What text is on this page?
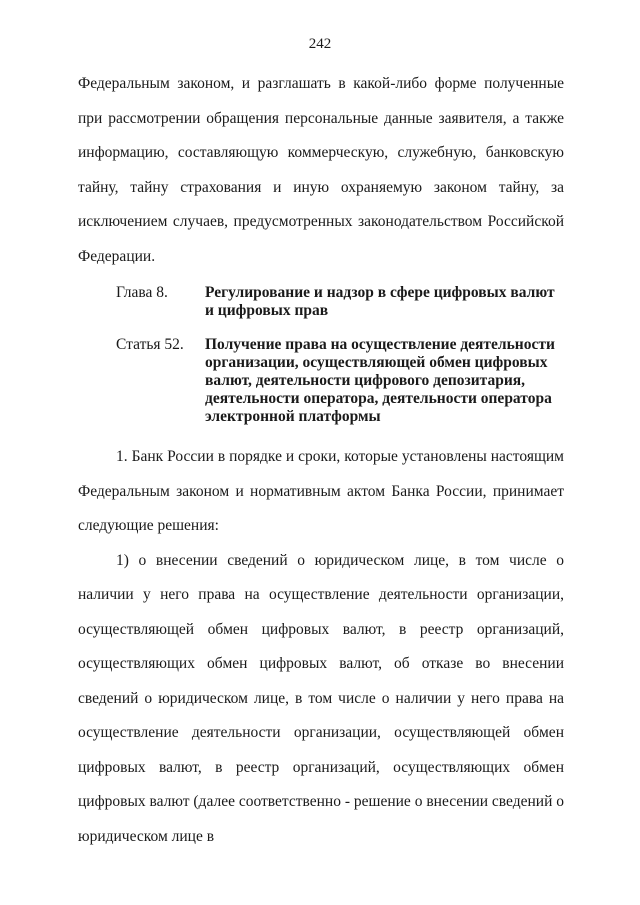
242

Федеральным законом, и разглашать в какой-либо форме полученные при рассмотрении обращения персональные данные заявителя, а также информацию, составляющую коммерческую, служебную, банковскую тайну, тайну страхования и иную охраняемую законом тайну, за исключением случаев, предусмотренных законодательством Российской Федерации.

Глава 8.	Регулирование и надзор в сфере цифровых валют и цифровых прав
Статья 52.	Получение права на осуществление деятельности организации, осуществляющей обмен цифровых валют, деятельности цифрового депозитария, деятельности оператора, деятельности оператора электронной платформы

1. Банк России в порядке и сроки, которые установлены настоящим Федеральным законом и нормативным актом Банка России, принимает следующие решения:

1) о внесении сведений о юридическом лице, в том числе о наличии у него права на осуществление деятельности организации, осуществляющей обмен цифровых валют, в реестр организаций, осуществляющих обмен цифровых валют, об отказе во внесении сведений о юридическом лице, в том числе о наличии у него права на осуществление деятельности организации, осуществляющей обмен цифровых валют, в реестр организаций, осуществляющих обмен цифровых валют (далее соответственно - решение о внесении сведений о юридическом лице в
